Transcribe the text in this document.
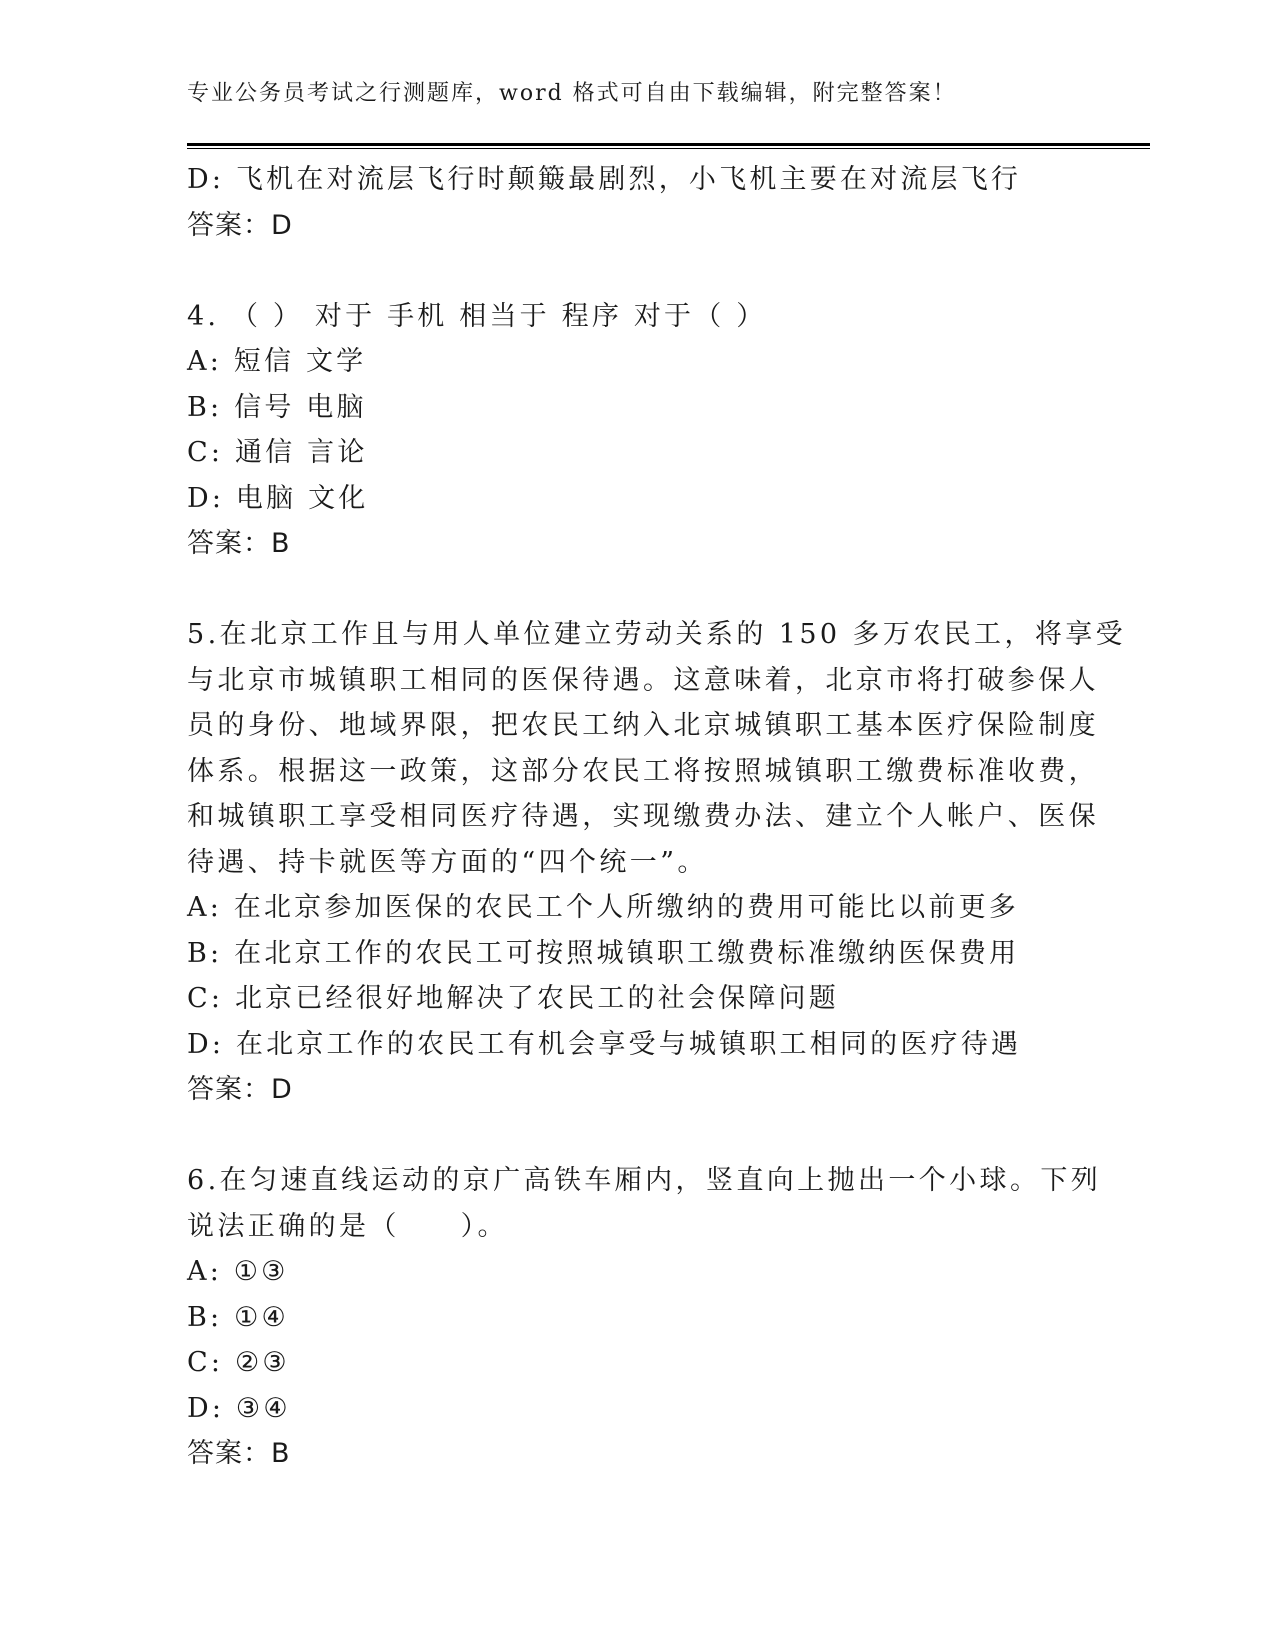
专业公务员考试之行测题库，word 格式可自由下载编辑，附完整答案！
D: 飞机在对流层飞行时颠簸最剧烈，小飞机主要在对流层飞行
答案：D
4. （ ） 对于 手机 相当于 程序 对于（ ）
A: 短信 文学
B: 信号 电脑
C: 通信 言论
D: 电脑 文化
答案：B
5.在北京工作且与用人单位建立劳动关系的 150 多万农民工，将享受
与北京市城镇职工相同的医保待遇。这意味着，北京市将打破参保人
员的身份、地域界限，把农民工纳入北京城镇职工基本医疗保险制度
体系。根据这一政策，这部分农民工将按照城镇职工缴费标准收费，
和城镇职工享受相同医疗待遇，实现缴费办法、建立个人帐户、医保
待遇、持卡就医等方面的“四个统一”。
A: 在北京参加医保的农民工个人所缴纳的费用可能比以前更多
B: 在北京工作的农民工可按照城镇职工缴费标准缴纳医保费用
C: 北京已经很好地解决了农民工的社会保障问题
D: 在北京工作的农民工有机会享受与城镇职工相同的医疗待遇
答案：D
6.在匀速直线运动的京广高铁车厢内，竖直向上抛出一个小球。下列
说法正确的是（　　）。
A: ①③
B: ①④
C: ②③
D: ③④
答案：B
